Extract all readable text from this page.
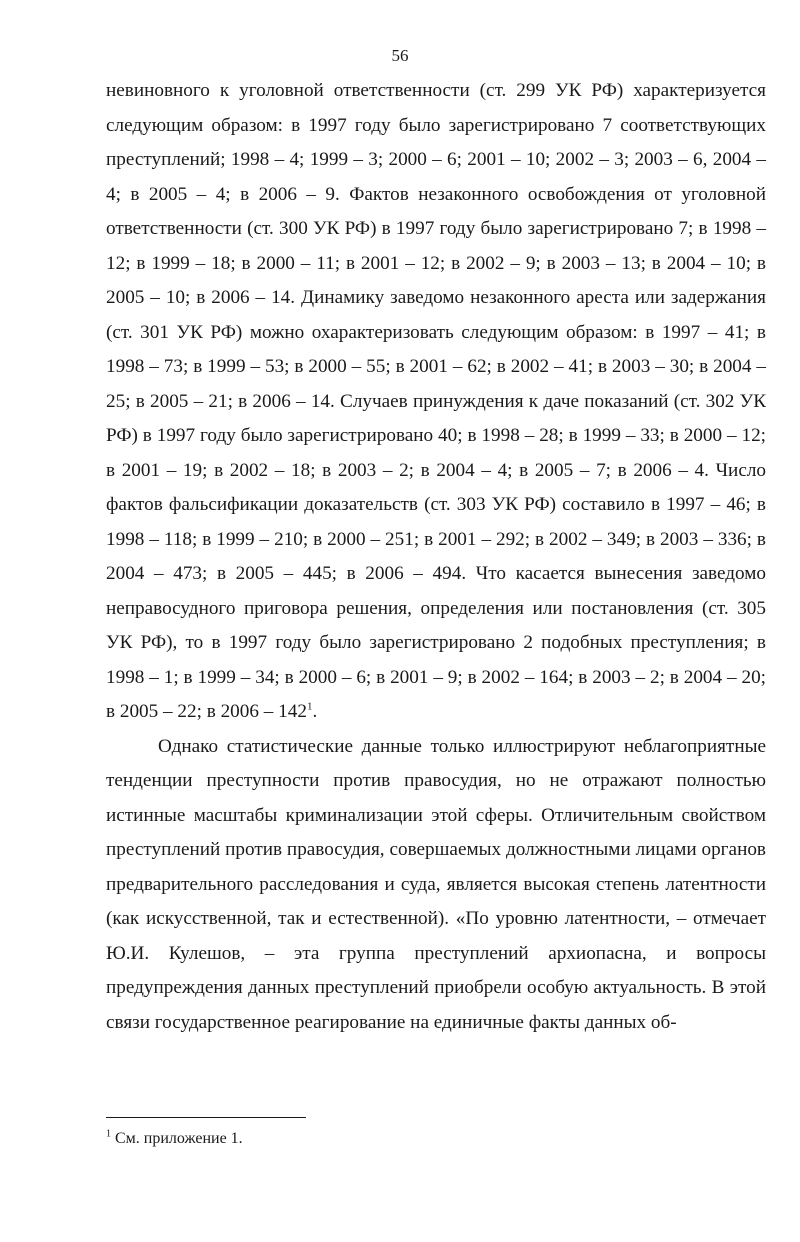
56

невиновного к уголовной ответственности (ст. 299 УК РФ) характеризуется следующим образом: в 1997 году было зарегистрировано 7 соответствующих преступлений; 1998 – 4; 1999 – 3; 2000 – 6; 2001 – 10; 2002 – 3; 2003 – 6, 2004 – 4; в 2005 – 4; в 2006 – 9. Фактов незаконного освобождения от уголовной ответственности (ст. 300 УК РФ) в 1997 году было зарегистрировано 7; в 1998 – 12; в 1999 – 18; в 2000 – 11; в 2001 – 12; в 2002 – 9; в 2003 – 13; в 2004 – 10; в 2005 – 10; в 2006 – 14. Динамику заведомо незаконного ареста или задержания (ст. 301 УК РФ) можно охарактеризовать следующим образом: в 1997 – 41; в 1998 – 73; в 1999 – 53; в 2000 – 55; в 2001 – 62; в 2002 – 41; в 2003 – 30; в 2004 – 25; в 2005 – 21; в 2006 – 14. Случаев принуждения к даче показаний (ст. 302 УК РФ) в 1997 году было зарегистрировано 40; в 1998 – 28; в 1999 – 33; в 2000 – 12; в 2001 – 19; в 2002 – 18; в 2003 – 2; в 2004 – 4; в 2005 – 7; в 2006 – 4. Число фактов фальсификации доказательств (ст. 303 УК РФ) составило в 1997 – 46; в 1998 – 118; в 1999 – 210; в 2000 – 251; в 2001 – 292; в 2002 – 349; в 2003 – 336; в 2004 – 473; в 2005 – 445; в 2006 – 494. Что касается вынесения заведомо неправосудного приговора решения, определения или постановления (ст. 305 УК РФ), то в 1997 году было зарегистрировано 2 подобных преступления; в 1998 – 1; в 1999 – 34; в 2000 – 6; в 2001 – 9; в 2002 – 164; в 2003 – 2; в 2004 – 20; в 2005 – 22; в $2006 - 142^1$.

Однако статистические данные только иллюстрируют неблагоприятные тенденции преступности против правосудия, но не отражают полностью истинные масштабы криминализации этой сферы. Отличительным свойством преступлений против правосудия, совершаемых должностными лицами органов предварительного расследования и суда, является высокая степень латентности (как искусственной, так и естественной). «По уровню латентности, – отмечает Ю.И. Кулешов, – эта группа преступлений архиопасна, и вопросы предупреждения данных преступлений приобрели особую актуальность. В этой связи государственное реагирование на единичные факты данных об-

$^1$ См. приложение 1.
